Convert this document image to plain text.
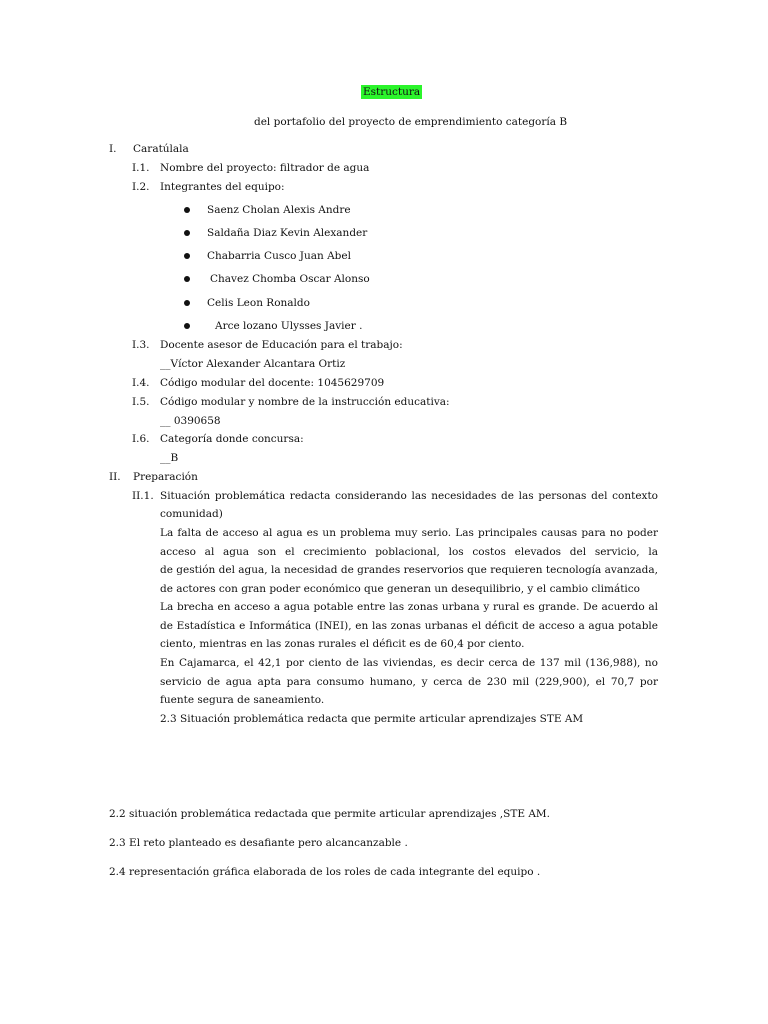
Estructura
del portafolio del proyecto de emprendimiento categoría B
I. Caratúlala
I.1. Nombre del proyecto: filtrador de agua
I.2. Integrantes del equipo:
Saenz Cholan Alexis Andre
Saldaña Diaz Kevin Alexander
Chabarria Cusco Juan Abel
Chavez Chomba Oscar Alonso
Celis Leon Ronaldo
Arce lozano Ulysses Javier .
I.3. Docente asesor de Educación para el trabajo:
__Víctor Alexander Alcantara Ortiz
I.4. Código modular del docente: 1045629709
I.5. Código modular y nombre de la instrucción educativa:
__ 0390658
I.6. Categoría donde concursa:
__B
II. Preparación
II.1. Situación problemática redacta considerando las necesidades de las personas del contexto
comunidad)
La falta de acceso al agua es un problema muy serio. Las principales causas para no poder
acceso al agua son el crecimiento poblacional, los costos elevados del servicio, la
de gestión del agua, la necesidad de grandes reservorios que requieren tecnología avanzada,
de actores con gran poder económico que generan un desequilibrio, y el cambio climático
La brecha en acceso a agua potable entre las zonas urbana y rural es grande. De acuerdo al
de Estadística e Informática (INEI), en las zonas urbanas el déficit de acceso a agua potable
ciento, mientras en las zonas rurales el déficit es de 60,4 por ciento.
En Cajamarca, el 42,1 por ciento de las viviendas, es decir cerca de 137 mil (136,988), no
servicio de agua apta para consumo humano, y cerca de 230 mil (229,900), el 70,7 por
fuente segura de saneamiento.
2.3 Situación problemática redacta que permite articular aprendizajes STE AM
2.2 situación problemática redactada que permite articular aprendizajes ,STE AM.
2.3 El reto planteado es desafiante pero alcancanzable .
2.4 representación gráfica elaborada de los roles de cada integrante del equipo .
